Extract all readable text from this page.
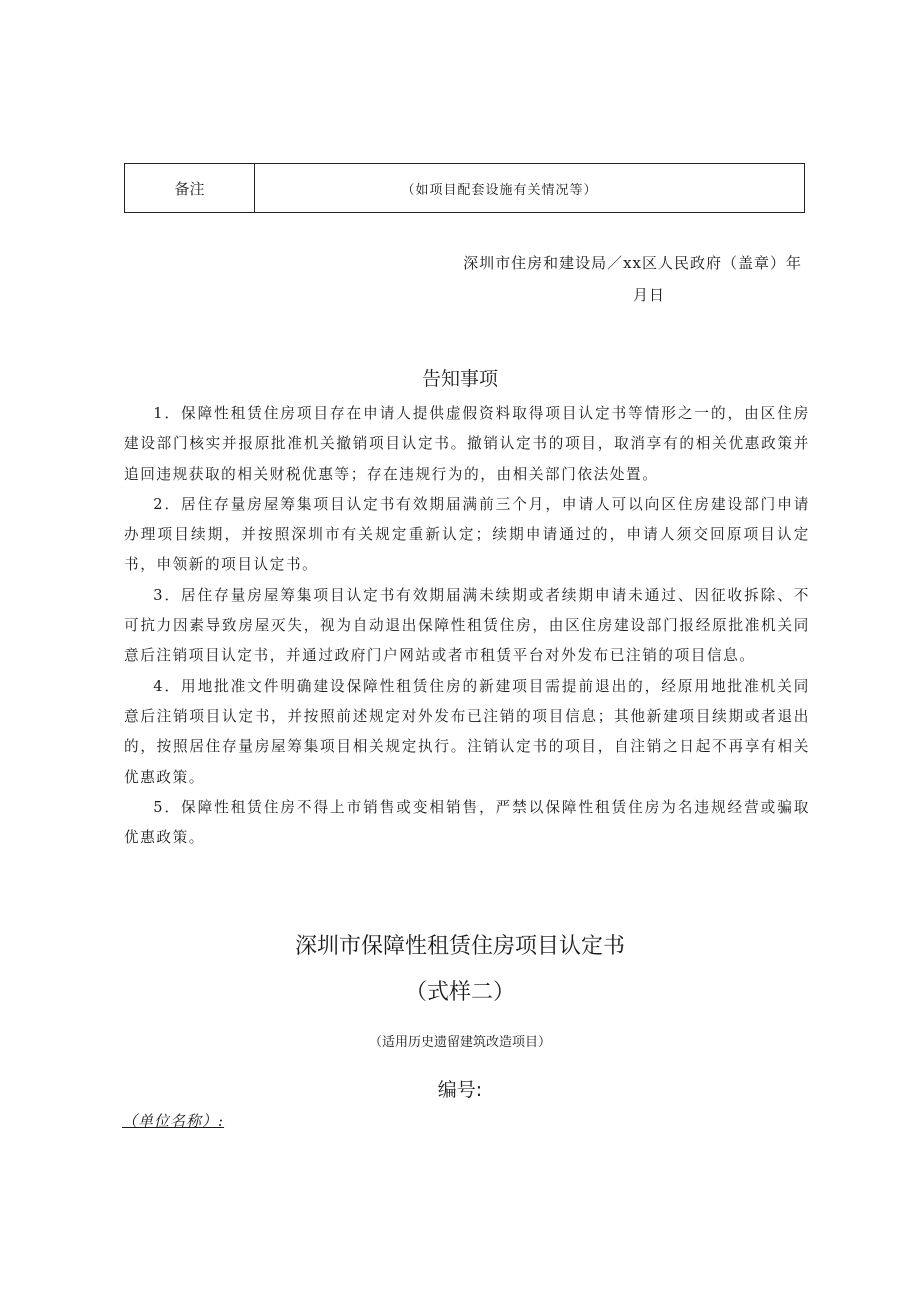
备注	（如项目配套设施有关情况等）
深圳市住房和建设局／xx区人民政府（盖章）年
月日
告知事项

1．保障性租赁住房项目存在申请人提供虚假资料取得项目认定书等情形之一的，由区住房建设部门核实并报原批准机关撤销项目认定书。撤销认定书的项目，取消享有的相关优惠政策并追回违规获取的相关财税优惠等；存在违规行为的，由相关部门依法处置。

2．居住存量房屋筹集项目认定书有效期届满前三个月，申请人可以向区住房建设部门申请办理项目续期，并按照深圳市有关规定重新认定；续期申请通过的，申请人须交回原项目认定书，申领新的项目认定书。

3．居住存量房屋筹集项目认定书有效期届满未续期或者续期申请未通过、因征收拆除、不可抗力因素导致房屋灭失，视为自动退出保障性租赁住房，由区住房建设部门报经原批准机关同意后注销项目认定书，并通过政府门户网站或者市租赁平台对外发布已注销的项目信息。

4．用地批准文件明确建设保障性租赁住房的新建项目需提前退出的，经原用地批准机关同意后注销项目认定书，并按照前述规定对外发布已注销的项目信息；其他新建项目续期或者退出的，按照居住存量房屋筹集项目相关规定执行。注销认定书的项目，自注销之日起不再享有相关优惠政策。

5．保障性租赁住房不得上市销售或变相销售，严禁以保障性租赁住房为名违规经营或骗取优惠政策。

深圳市保障性租赁住房项目认定书
（式样二）
（适用历史遗留建筑改造项目）
编号:
（单位名称）:
